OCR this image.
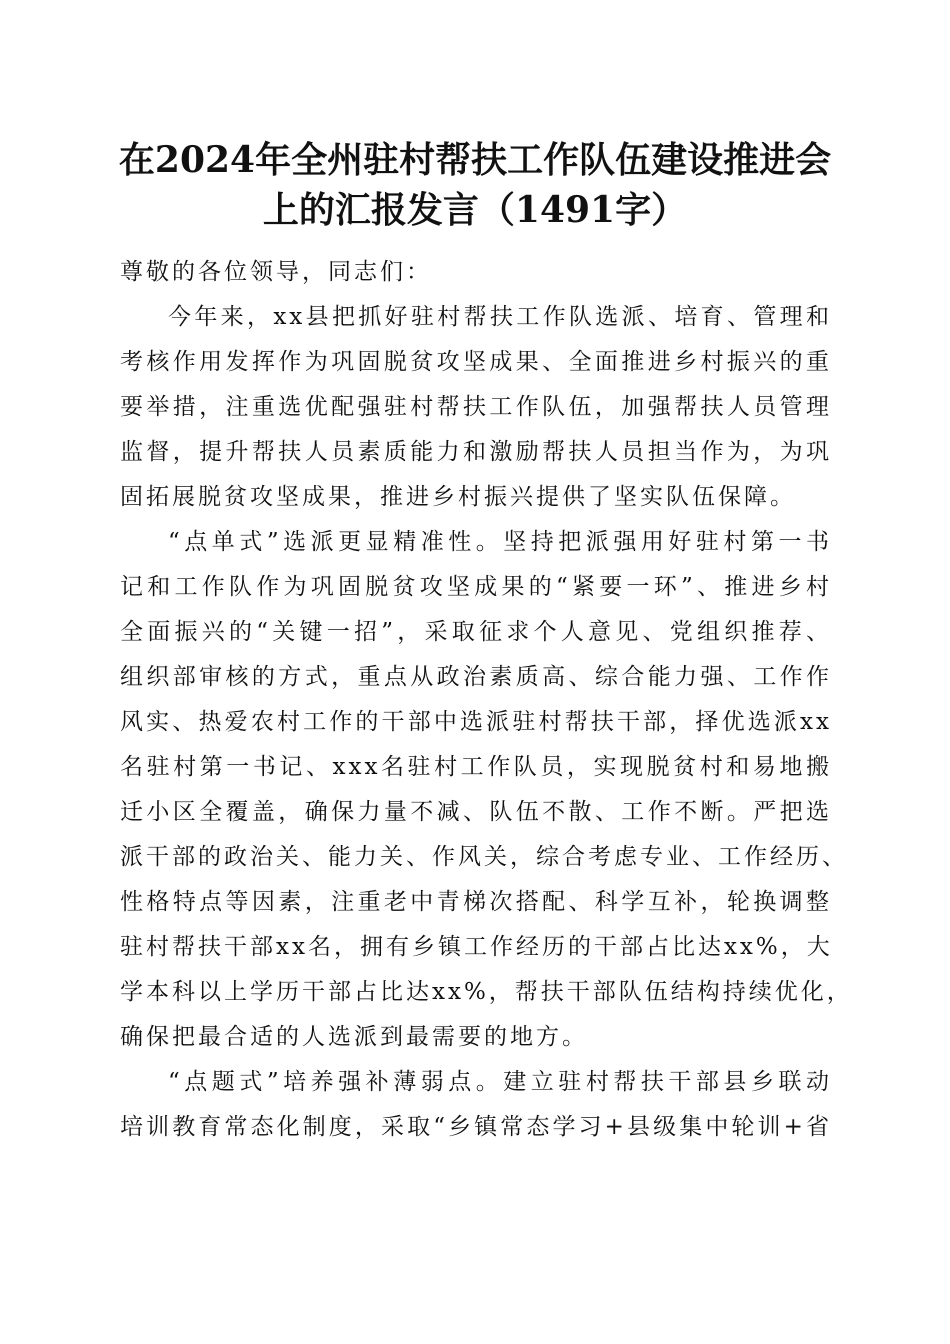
在2024年全州驻村帮扶工作队伍建设推进会
上的汇报发言（1491字）
尊敬的各位领导，同志们：
今年来，xx县把抓好驻村帮扶工作队选派、培育、管理和
考核作用发挥作为巩固脱贫攻坚成果、全面推进乡村振兴的重
要举措，注重选优配强驻村帮扶工作队伍，加强帮扶人员管理
监督，提升帮扶人员素质能力和激励帮扶人员担当作为，为巩
固拓展脱贫攻坚成果，推进乡村振兴提供了坚实队伍保障。
“点单式”选派更显精准性。坚持把派强用好驻村第一书
记和工作队作为巩固脱贫攻坚成果的“紧要一环”、推进乡村
全面振兴的“关键一招”，采取征求个人意见、党组织推荐、
组织部审核的方式，重点从政治素质高、综合能力强、工作作
风实、热爱农村工作的干部中选派驻村帮扶干部，择优选派xx
名驻村第一书记、xxx名驻村工作队员，实现脱贫村和易地搬
迁小区全覆盖，确保力量不减、队伍不散、工作不断。严把选
派干部的政治关、能力关、作风关，综合考虑专业、工作经历、
性格特点等因素，注重老中青梯次搭配、科学互补，轮换调整
驻村帮扶干部xx名，拥有乡镇工作经历的干部占比达xx%，大
学本科以上学历干部占比达xx%，帮扶干部队伍结构持续优化，
确保把最合适的人选派到最需要的地方。
“点题式”培养强补薄弱点。建立驻村帮扶干部县乡联动
培训教育常态化制度，采取“乡镇常态学习+县级集中轮训+省
